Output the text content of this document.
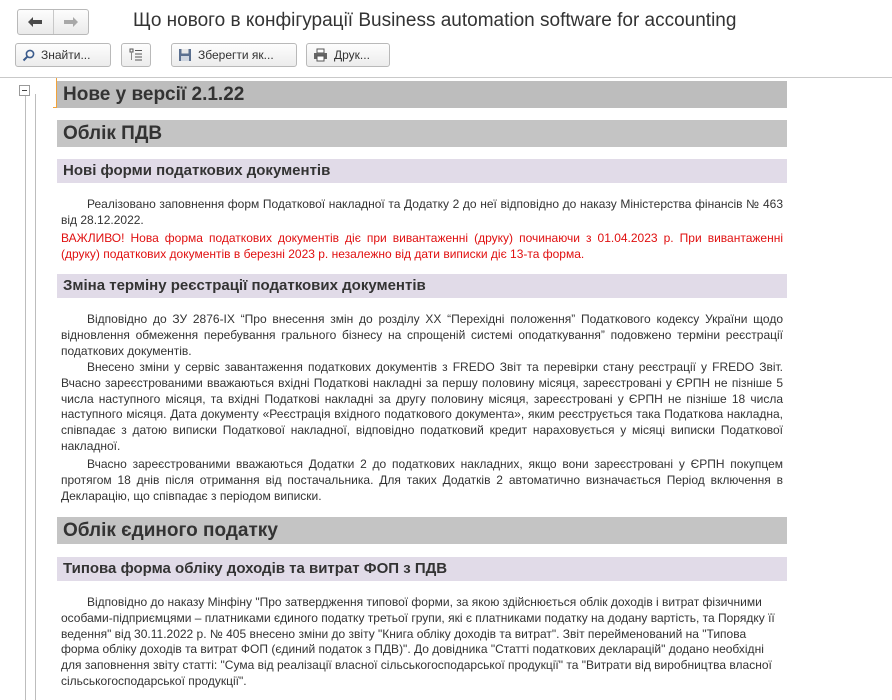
Що нового в конфігурації Business automation software for accounting
Знайти...	Зберегти як...	Друк...
Нове у версії 2.1.22
Облік ПДВ
Нові форми податкових документів

Реалізовано заповнення форм Податкової накладної та Додатку 2 до неї відповідно до наказу Міністерства фінансів № 463 від 28.12.2022.

ВАЖЛИВО! Нова форма податкових документів діє при вивантаженні (друку) починаючи з 01.04.2023 р. При вивантаженні (друку) податкових документів в березні 2023 р. незалежно від дати виписки діє 13-та форма.

Зміна терміну реєстрації податкових документів

Відповідно до ЗУ 2876-IX “Про внесення змін до розділу XX “Перехідні положення” Податкового кодексу України щодо відновлення обмеження перебування грального бізнесу на спрощеній системі оподаткування” подовжено терміни реєстрації податкових документів.

Внесено зміни у сервіс завантаження податкових документів з FREDO Звіт та перевірки стану реєстрації у FREDO Звіт. Вчасно зареєстрованими вважаються вхідні Податкові накладні за першу половину місяця, зареєстровані у ЄРПН не пізніше 5 числа наступного місяця, та вхідні Податкові накладні за другу половину місяця, зареєстровані у ЄРПН не пізніше 18 числа наступного місяця. Дата документу «Реєстрація вхідного податкового документа», яким реєструється така Податкова накладна, співпадає з датою виписки Податкової накладної, відповідно податковий кредит нараховується у місяці виписки Податкової накладної.

Вчасно зареєстрованими вважаються Додатки 2 до податкових накладних, якщо вони зареєстровані у ЄРПН покупцем протягом 18 днів після отримання від постачальника. Для таких Додатків 2 автоматично визначається Період включення в Декларацію, що співпадає з періодом виписки.

Облік єдиного податку
Типова форма обліку доходів та витрат ФОП з ПДВ

Відповідно до наказу Мінфіну "Про затвердження типової форми, за якою здійснюється облік доходів і витрат фізичними особами-підприємцями – платниками єдиного податку третьої групи, які є платниками податку на додану вартість, та Порядку її ведення" від 30.11.2022 р. № 405 внесено зміни до звіту "Книга обліку доходів та витрат". Звіт перейменований на "Типова форма обліку доходів та витрат ФОП (єдиний податок з ПДВ)". До довідника "Статті податкових декларацій" додано необхідні для заповнення звіту статті: "Сума від реалізації власної сільськогосподарської продукції" та "Витрати від виробництва власної сільськогосподарської продукції".
